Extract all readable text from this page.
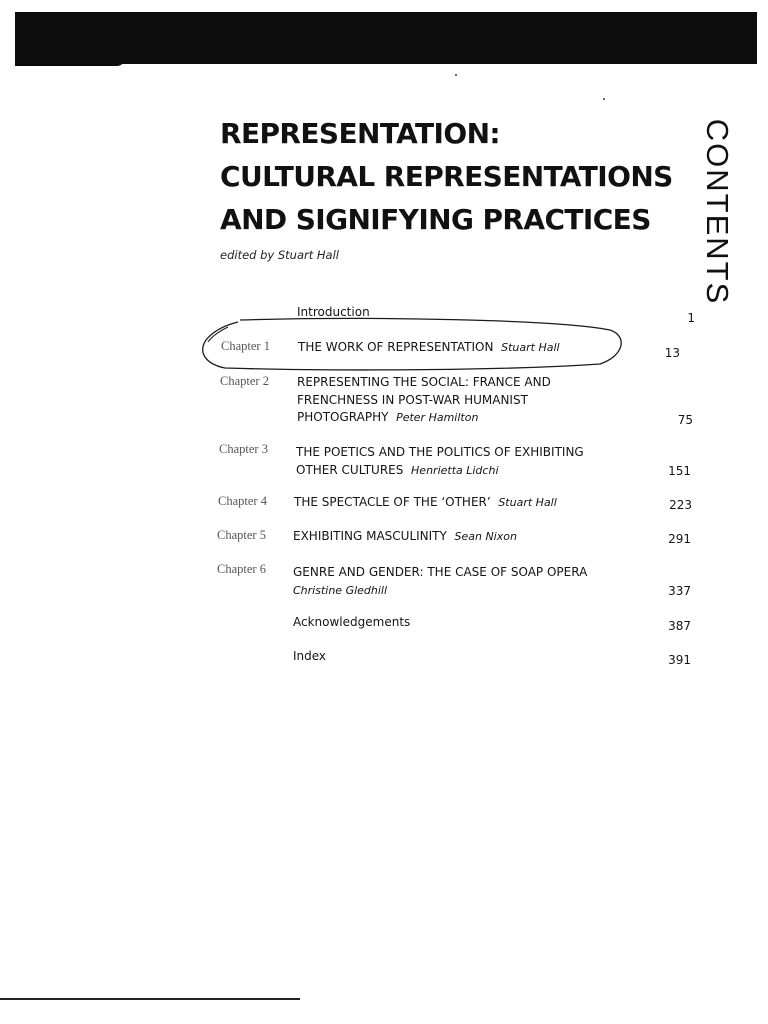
REPRESENTATION:
CULTURAL REPRESENTATIONS
AND SIGNIFYING PRACTICES
edited by Stuart Hall	CONTENTS
Introduction	1
Chapter 1 THE WORK OF REPRESENTATION Stuart Hall	13
Chapter 2 REPRESENTING THE SOCIAL: FRANCE AND
FRENCHNESS IN POST-WAR HUMANIST
PHOTOGRAPHY Peter Hamilton	75
Chapter 3 THE POETICS AND THE POLITICS OF EXHIBITING
OTHER CULTURES Henrietta Lidchi	151
Chapter 4 THE SPECTACLE OF THE ‘OTHER’ Stuart Hall	223
Chapter 5 EXHIBITING MASCULINITY Sean Nixon	291
Chapter 6 GENRE AND GENDER: THE CASE OF SOAP OPERA
Christine Gledhill	337
Acknowledgements	387
Index	391
